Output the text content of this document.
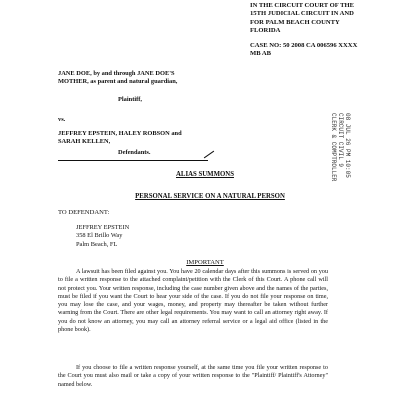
IN THE CIRCUIT COURT OF THE
15TH JUDICIAL CIRCUIT IN AND
FOR PALM BEACH COUNTY
FLORIDA
CASE NO: 50 2008 CA 006596 XXXX
MB AB
JANE DOE, by and through JANE DOE'S
MOTHER, as parent and natural guardian,
Plaintiff,
vs.
JEFFREY EPSTEIN, HALEY ROBSON and
SARAH KELLEN,
Defendants.	08 JUL 26 PM 10:05
CIRCUIT CIVIL 9
CLERK & COMPTROLLER
ALIAS SUMMONS
PERSONAL SERVICE ON A NATURAL PERSON
TO DEFENDANT:
JEFFREY EPSTEIN
358 El Brillo Way
Palm Beach, FL
IMPORTANT
A lawsuit has been filed against you. You have 20 calendar days after this summons is served on you to file a written response to the attached complaint/petition with the Clerk of this Court. A phone call will not protect you. Your written response, including the case number given above and the names of the parties, must be filed if you want the Court to hear your side of the case. If you do not file your response on time, you may lose the case, and your wages, money, and property may thereafter be taken without further warning from the Court. There are other legal requirements. You may want to call an attorney right away. If you do not know an attorney, you may call an attorney referral service or a legal aid office (listed in the phone book).
If you choose to file a written response yourself, at the same time you file your written response to the Court you must also mail or take a copy of your written response to the "Plaintiff/ Plaintiff's Attorney" named below.
